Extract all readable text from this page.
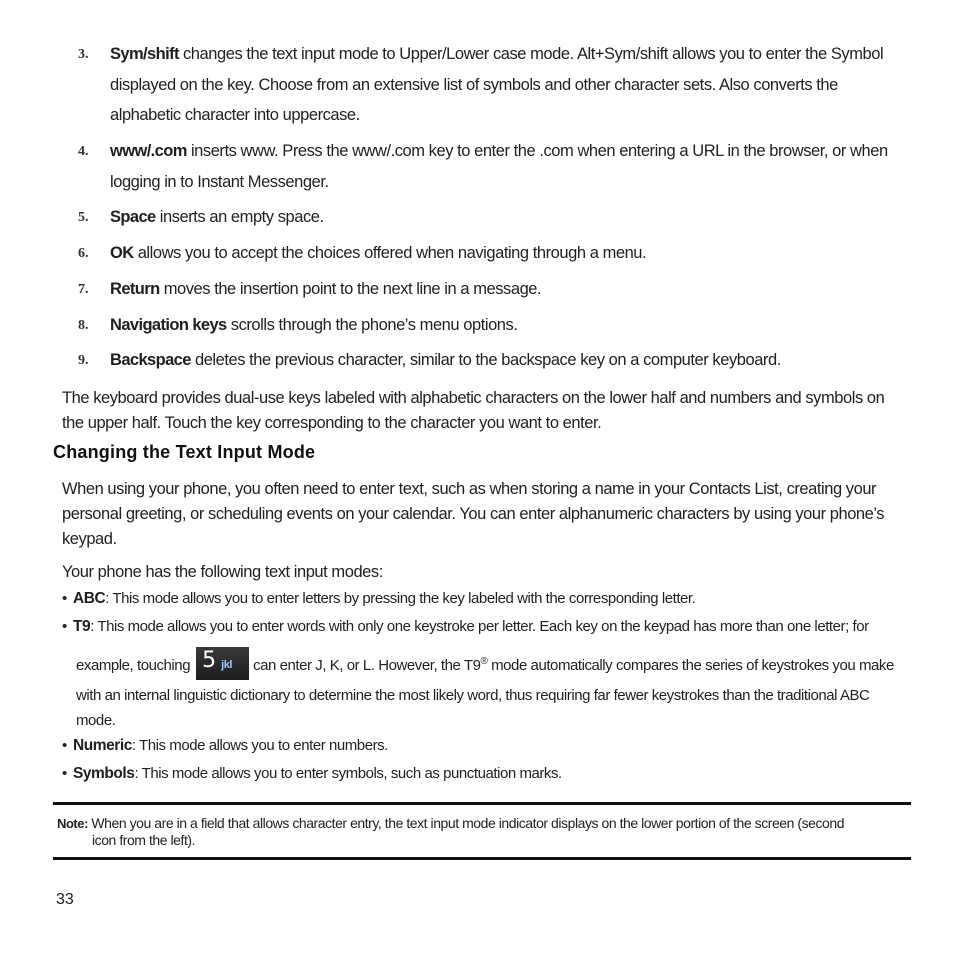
3. Sym/shift changes the text input mode to Upper/Lower case mode. Alt+Sym/shift allows you to enter the Symbol displayed on the key. Choose from an extensive list of symbols and other character sets. Also converts the alphabetic character into uppercase.
4. www/.com inserts www. Press the www/.com key to enter the .com when entering a URL in the browser, or when logging in to Instant Messenger.
5. Space inserts an empty space.
6. OK allows you to accept the choices offered when navigating through a menu.
7. Return moves the insertion point to the next line in a message.
8. Navigation keys scrolls through the phone’s menu options.
9. Backspace deletes the previous character, similar to the backspace key on a computer keyboard.
The keyboard provides dual-use keys labeled with alphabetic characters on the lower half and numbers and symbols on the upper half. Touch the key corresponding to the character you want to enter.
Changing the Text Input Mode
When using your phone, you often need to enter text, such as when storing a name in your Contacts List, creating your personal greeting, or scheduling events on your calendar. You can enter alphanumeric characters by using your phone’s keypad.
Your phone has the following text input modes:
• ABC: This mode allows you to enter letters by pressing the key labeled with the corresponding letter.
• T9: This mode allows you to enter words with only one keystroke per letter. Each key on the keypad has more than one letter; for
example, touching 5 jkl can enter J, K, or L. However, the T9® mode automatically compares the series of keystrokes you make with an internal linguistic dictionary to determine the most likely word, thus requiring far fewer keystrokes than the traditional ABC mode.
• Numeric: This mode allows you to enter numbers.
• Symbols: This mode allows you to enter symbols, such as punctuation marks.
Note: When you are in a field that allows character entry, the text input mode indicator displays on the lower portion of the screen (second
icon from the left).
33
